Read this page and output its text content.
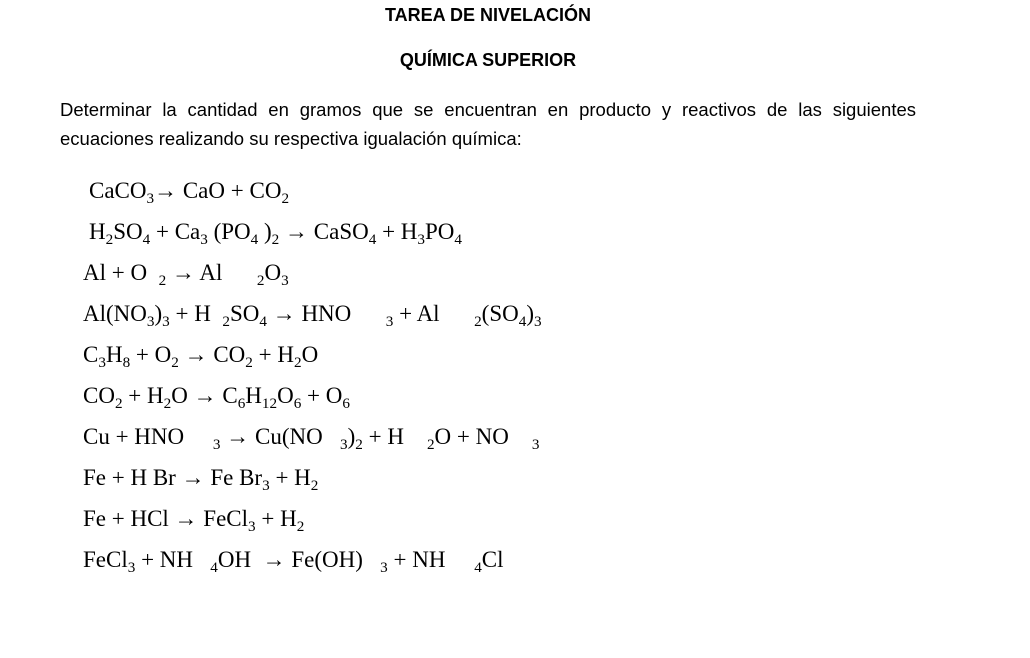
TAREA DE NIVELACIÓN
QUÍMICA SUPERIOR

Determinar la cantidad en gramos que se encuentran en producto y reactivos de las siguientes ecuaciones realizando su respectiva igualación química:

CaCO3→ CaO + CO2
H2SO4 + Ca3 (PO4 )2 → CaSO4 + H3PO4
Al + O  2 → Al      2O3
Al(NO3)3 + H  2SO4 → HNO      3 + Al      2(SO4)3
C3H8 + O2 → CO2 + H2O
CO2 + H2O → C6H12O6 + O6
Cu + HNO     3 → Cu(NO   3)2 + H    2O + NO    3
Fe + H Br → Fe Br3 + H2
Fe + HCl → FeCl3 + H2
FeCl3 + NH   4OH  → Fe(OH)   3 + NH     4Cl
